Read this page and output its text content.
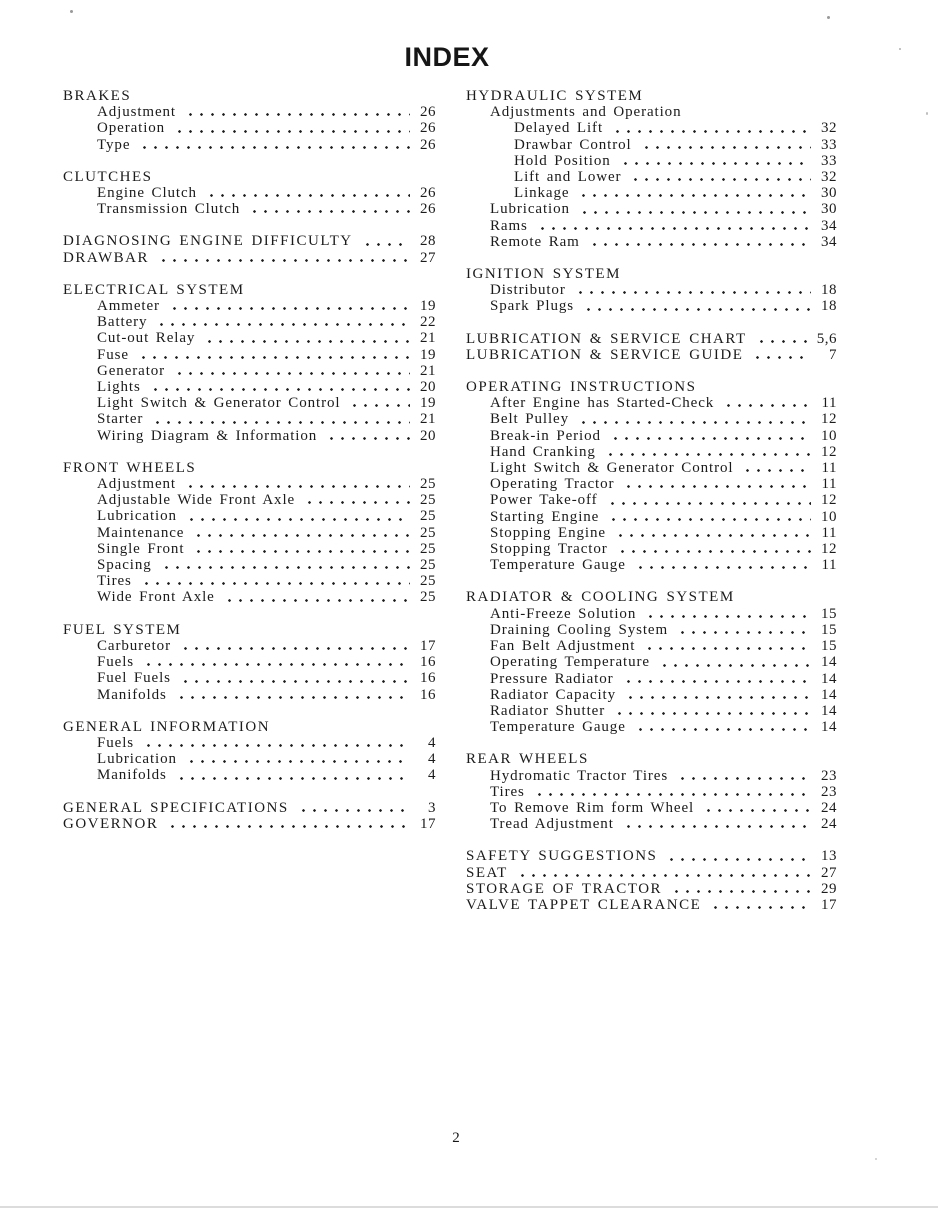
INDEX
BRAKES
Adjustment	26
Operation	26
Type	26
CLUTCHES
Engine Clutch	26
Transmission Clutch	26
DIAGNOSING ENGINE DIFFICULTY	28
DRAWBAR	27
ELECTRICAL SYSTEM
Ammeter	19
Battery	22
Cut-out Relay	21
Fuse	19
Generator	21
Lights	20
Light Switch & Generator Control	19
Starter	21
Wiring Diagram & Information	20
FRONT WHEELS
Adjustment	25
Adjustable Wide Front Axle	25
Lubrication	25
Maintenance	25
Single Front	25
Spacing	25
Tires	25
Wide Front Axle	25
FUEL SYSTEM
Carburetor	17
Fuels	16
Fuel Fuels	16
Manifolds	16
GENERAL INFORMATION
Fuels	4
Lubrication	4
Manifolds	4
GENERAL SPECIFICATIONS	3
GOVERNOR	17
HYDRAULIC SYSTEM
Adjustments and Operation
Delayed Lift	32
Drawbar Control	33
Hold Position	33
Lift and Lower	32
Linkage	30
Lubrication	30
Rams	34
Remote Ram	34
IGNITION SYSTEM
Distributor	18
Spark Plugs	18
LUBRICATION & SERVICE CHART	5,6
LUBRICATION & SERVICE GUIDE	7
OPERATING INSTRUCTIONS
After Engine has Started-Check	11
Belt Pulley	12
Break-in Period	10
Hand Cranking	12
Light Switch & Generator Control	11
Operating Tractor	11
Power Take-off	12
Starting Engine	10
Stopping Engine	11
Stopping Tractor	12
Temperature Gauge	11
RADIATOR & COOLING SYSTEM
Anti-Freeze Solution	15
Draining Cooling System	15
Fan Belt Adjustment	15
Operating Temperature	14
Pressure Radiator	14
Radiator Capacity	14
Radiator Shutter	14
Temperature Gauge	14
REAR WHEELS
Hydromatic Tractor Tires	23
Tires	23
To Remove Rim form Wheel	24
Tread Adjustment	24
SAFETY SUGGESTIONS	13
SEAT	27
STORAGE OF TRACTOR	29
VALVE TAPPET CLEARANCE	17
2
